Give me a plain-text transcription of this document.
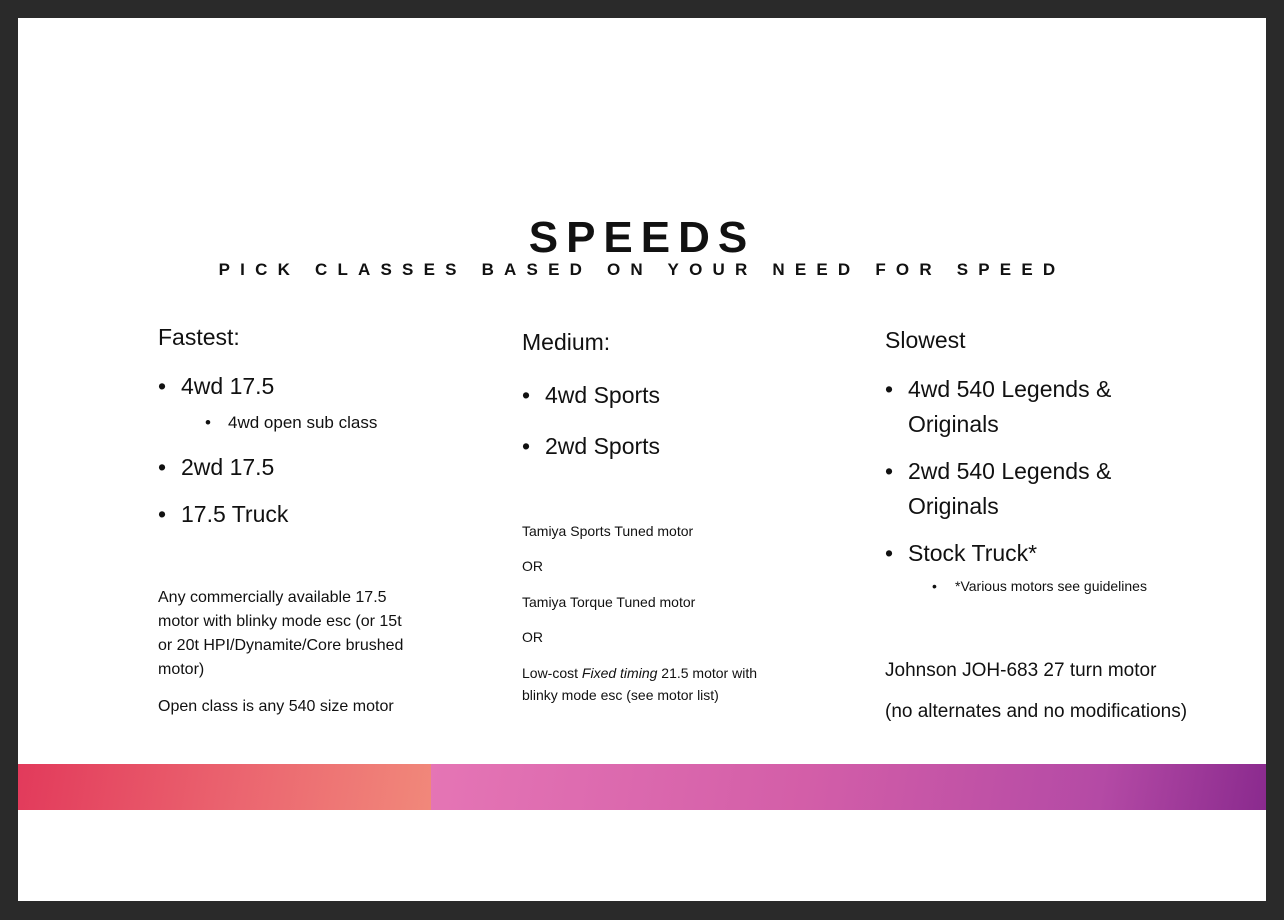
SPEEDS
PICK CLASSES BASED ON YOUR NEED FOR SPEED
Fastest:
• 4wd 17.5
• 4wd open sub class
• 2wd 17.5
• 17.5 Truck
Any commercially available 17.5 motor with blinky mode esc (or 15t or 20t HPI/Dynamite/Core brushed motor)
Open class is any 540 size motor
Medium:
• 4wd Sports
• 2wd Sports
Tamiya Sports Tuned motor
OR
Tamiya Torque Tuned motor
OR
Low-cost Fixed timing 21.5 motor with blinky mode esc (see motor list)
Slowest
• 4wd 540 Legends & Originals
• 2wd 540 Legends & Originals
• Stock Truck*
• *Various motors see guidelines
Johnson JOH-683 27 turn motor
(no alternates and no modifications)
